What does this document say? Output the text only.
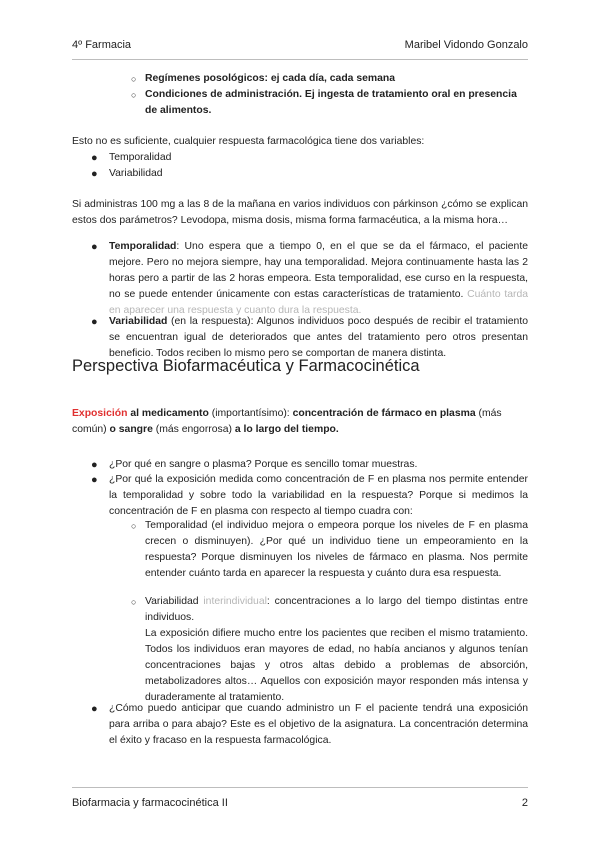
4º Farmacia	Maribel Vidondo Gonzalo
○ Regímenes posológicos: ej cada día, cada semana
○ Condiciones de administración. Ej ingesta de tratamiento oral en presencia de alimentos.
Esto no es suficiente, cualquier respuesta farmacológica tiene dos variables:
● Temporalidad
● Variabilidad
Si administras 100 mg a las 8 de la mañana en varios individuos con párkinson ¿cómo se explican estos dos parámetros? Levodopa, misma dosis, misma forma farmacéutica, a la misma hora…
● Temporalidad: Uno espera que a tiempo 0, en el que se da el fármaco, el paciente mejore. Pero no mejora siempre, hay una temporalidad. Mejora continuamente hasta las 2 horas pero a partir de las 2 horas empeora. Esta temporalidad, ese curso en la respuesta, no se puede entender únicamente con estas características de tratamiento. Cuánto tarda en aparecer una respuesta y cuanto dura la respuesta.
● Variabilidad (en la respuesta): Algunos individuos poco después de recibir el tratamiento se encuentran igual de deteriorados que antes del tratamiento pero otros presentan beneficio. Todos reciben lo mismo pero se comportan de manera distinta.
Perspectiva Biofarmacéutica y Farmacocinética
Exposición al medicamento (importantísimo): concentración de fármaco en plasma (más común) o sangre (más engorrosa) a lo largo del tiempo.
● ¿Por qué en sangre o plasma? Porque es sencillo tomar muestras.
● ¿Por qué la exposición medida como concentración de F en plasma nos permite entender la temporalidad y sobre todo la variabilidad en la respuesta? Porque si medimos la concentración de F en plasma con respecto al tiempo cuadra con:
○ Temporalidad (el individuo mejora o empeora porque los niveles de F en plasma crecen o disminuyen). ¿Por qué un individuo tiene un empeoramiento en la respuesta? Porque disminuyen los niveles de fármaco en plasma. Nos permite entender cuánto tarda en aparecer la respuesta y cuánto dura esa respuesta.
○ Variabilidad interindividual: concentraciones a lo largo del tiempo distintas entre individuos.
La exposición difiere mucho entre los pacientes que reciben el mismo tratamiento. Todos los individuos eran mayores de edad, no había ancianos y algunos tenían concentraciones bajas y otros altas debido a problemas de absorción, metabolizadores altos… Aquellos con exposición mayor responden más intensa y duraderamente al tratamiento.
● ¿Cómo puedo anticipar que cuando administro un F el paciente tendrá una exposición para arriba o para abajo? Este es el objetivo de la asignatura. La concentración determina el éxito y fracaso en la respuesta farmacológica.
Biofarmacia y farmacocinética II	2
